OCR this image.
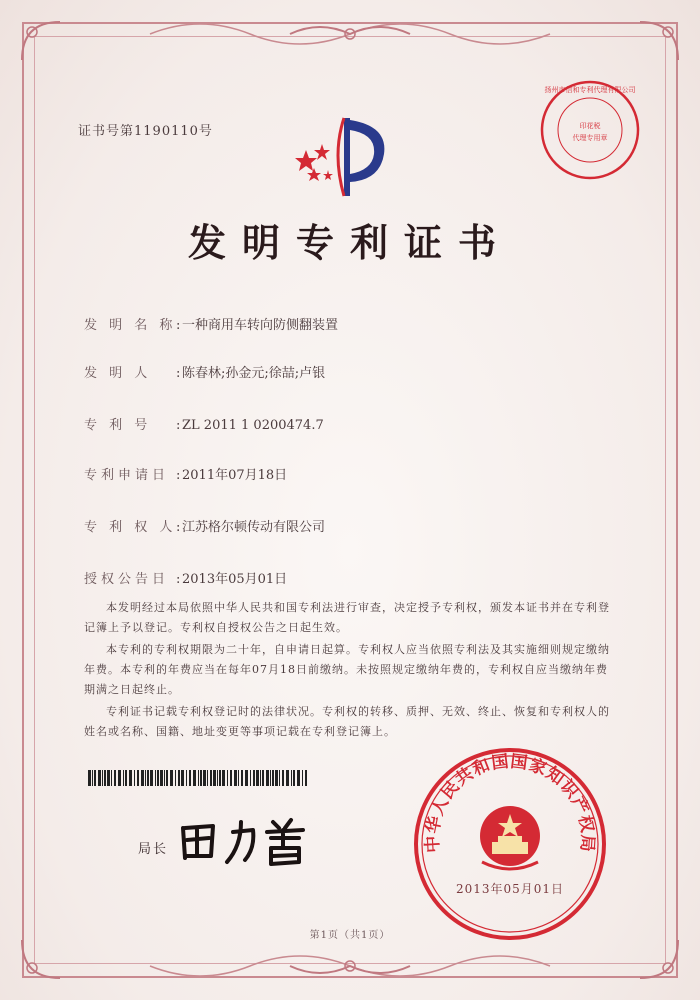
证书号第1190110号	印花税
代理专用章
扬州市信和专利代理有限公司
发明专利证书
发 明 名 称: 一种商用车转向防侧翻装置
发 明 人 : 陈春林;孙金元;徐喆;卢银
专 利 号 : ZL 2011 1 0200474.7
专利申请日 : 2011年07月18日
专 利 权 人: 江苏格尔顿传动有限公司
授权公告日 : 2013年05月01日

本发明经过本局依照中华人民共和国专利法进行审查，决定授予专利权，颁发本证书并在专利登记簿上予以登记。专利权自授权公告之日起生效。

本专利的专利权期限为二十年，自申请日起算。专利权人应当依照专利法及其实施细则规定缴纳年费。本专利的年费应当在每年07月18日前缴纳。未按照规定缴纳年费的，专利权自应当缴纳年费期满之日起终止。

专利证书记载专利权登记时的法律状况。专利权的转移、质押、无效、终止、恢复和专利权人的姓名或名称、国籍、地址变更等事项记载在专利登记簿上。

局长	中华人民共和国国家知识产权局
2013年05月01日
第1页（共1页）
